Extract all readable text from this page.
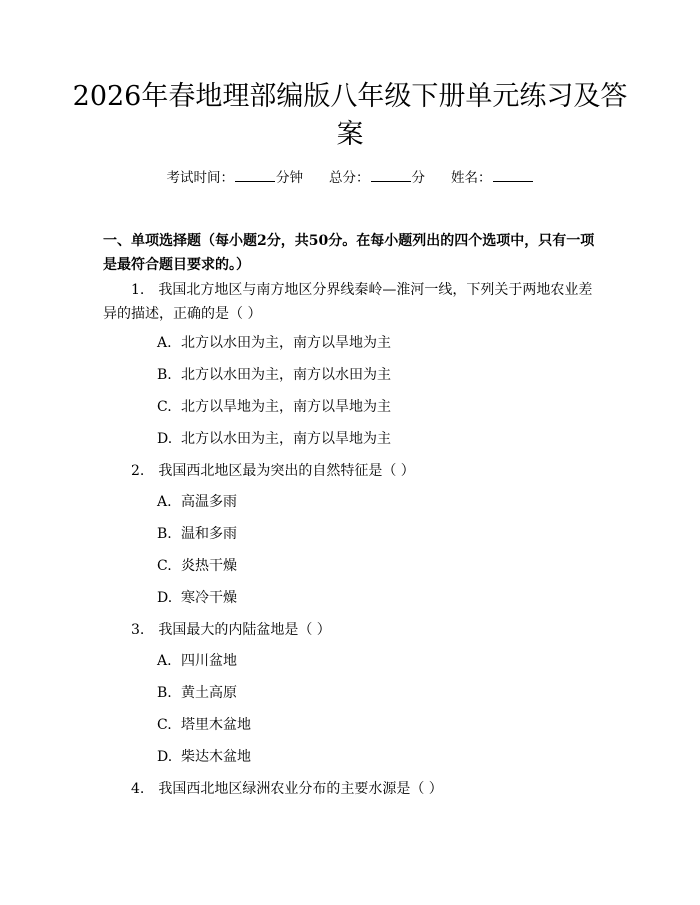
2026年春地理部编版八年级下册单元练习及答案
考试时间：	分钟 总分：	分 姓名：
一、单项选择题（每小题2分，共50分。在每小题列出的四个选项中，只有一项是最符合题目要求的。）
1. 我国北方地区与南方地区分界线秦岭—淮河一线，下列关于两地农业差异的描述，正确的是（ ）
A. 北方以水田为主，南方以旱地为主
B. 北方以水田为主，南方以水田为主
C. 北方以旱地为主，南方以旱地为主
D. 北方以水田为主，南方以旱地为主
2. 我国西北地区最为突出的自然特征是（ ）
A. 高温多雨
B. 温和多雨
C. 炎热干燥
D. 寒冷干燥
3. 我国最大的内陆盆地是（ ）
A. 四川盆地
B. 黄土高原
C. 塔里木盆地
D. 柴达木盆地
4. 我国西北地区绿洲农业分布的主要水源是（ ）
